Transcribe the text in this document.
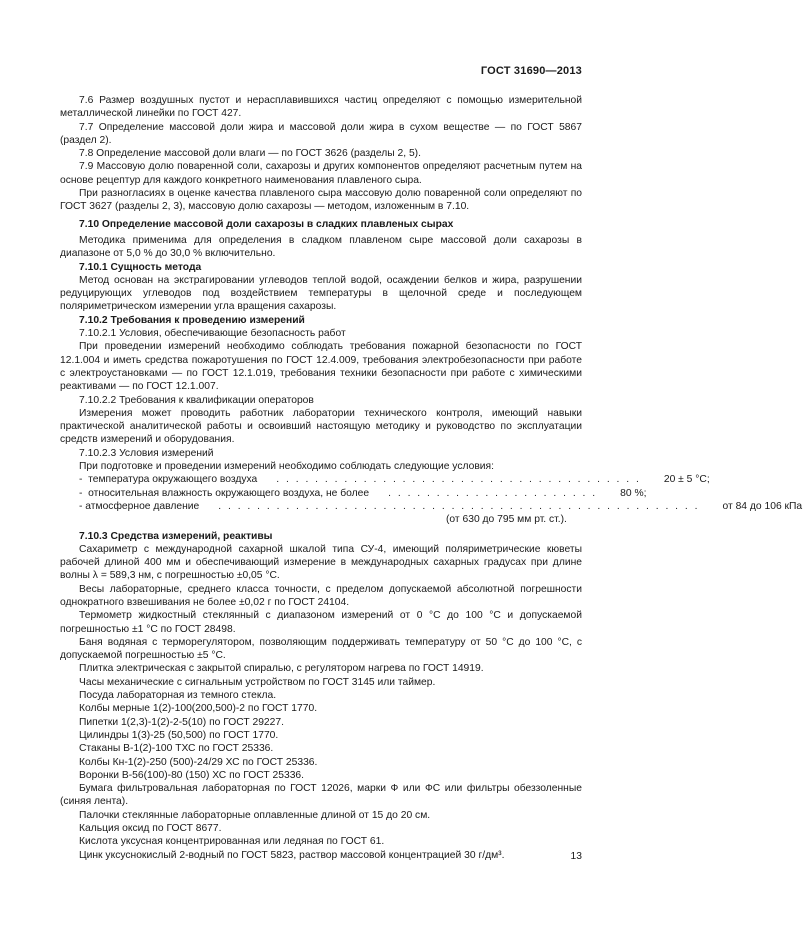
ГОСТ 31690—2013

7.6 Размер воздушных пустот и нерасплавившихся частиц определяют с помощью измерительной металлической линейки по ГОСТ 427.

7.7 Определение массовой доли жира и массовой доли жира в сухом веществе — по ГОСТ 5867 (раздел 2).

7.8 Определение массовой доли влаги — по ГОСТ 3626 (разделы 2, 5).

7.9 Массовую долю поваренной соли, сахарозы и других компонентов определяют расчетным путем на основе рецептур для каждого конкретного наименования плавленого сыра.

При разногласиях в оценке качества плавленого сыра массовую долю поваренной соли определяют по ГОСТ 3627 (разделы 2, 3), массовую долю сахарозы — методом, изложенным в 7.10.

7.10 Определение массовой доли сахарозы в сладких плавленых сырах

Методика применима для определения в сладком плавленом сыре массовой доли сахарозы в диапазоне от 5,0 % до 30,0 % включительно.

7.10.1 Сущность метода

Метод основан на экстрагировании углеводов теплой водой, осаждении белков и жира, разрушении редуцирующих углеводов под воздействием температуры в щелочной среде и последующем поляриметрическом измерении угла вращения сахарозы.

7.10.2 Требования к проведению измерений

7.10.2.1 Условия, обеспечивающие безопасность работ

При проведении измерений необходимо соблюдать требования пожарной безопасности по ГОСТ 12.1.004 и иметь средства пожаротушения по ГОСТ 12.4.009, требования электробезопасности при работе с электроустановками — по ГОСТ 12.1.019, требования техники безопасности при работе с химическими реактивами — по ГОСТ 12.1.007.

7.10.2.2 Требования к квалификации операторов

Измерения может проводить работник лаборатории технического контроля, имеющий навыки практической аналитической работы и освоивший настоящую методику и руководство по эксплуатации средств измерений и оборудования.

7.10.2.3 Условия измерений

При подготовке и проведении измерений необходимо соблюдать следующие условия:

-  температура окружающего воздуха	. . . . . . . . . . . . . . . . . . . . . . . . . . . . . . . . . . . . . .	20 ± 5 °С;
-  относительная влажность окружающего воздуха, не более	. . . . . . . . . . . . . . . . . . . . . .	80 %;
- атмосферное давление	. . . . . . . . . . . . . . . . . . . . . . . . . . . . . . . . . . . . . . . . . . . . . . . . . .	от 84 до 106 кПа
(от 630 до 795 мм рт. ст.).

7.10.3 Средства измерений, реактивы

Сахариметр с международной сахарной шкалой типа СУ-4, имеющий поляриметрические кюветы рабочей длиной 400 мм и обеспечивающий измерение в международных сахарных градусах при длине волны λ = 589,3 нм, с погрешностью ±0,05 °С.

Весы лабораторные, среднего класса точности, с пределом допускаемой абсолютной погрешности однократного взвешивания не более ±0,02 г по ГОСТ 24104.

Термометр жидкостный стеклянный с диапазоном измерений от 0 °С до 100 °С и допускаемой погрешностью ±1 °С по ГОСТ 28498.

Баня водяная с терморегулятором, позволяющим поддерживать температуру от 50 °С до 100 °С, с допускаемой погрешностью ±5 °С.

Плитка электрическая с закрытой спиралью, с регулятором нагрева по ГОСТ 14919.

Часы механические с сигнальным устройством по ГОСТ 3145 или таймер.

Посуда лабораторная из темного стекла.

Колбы мерные 1(2)-100(200,500)-2 по ГОСТ 1770.

Пипетки 1(2,3)-1(2)-2-5(10) по ГОСТ 29227.

Цилиндры 1(3)-25 (50,500) по ГОСТ 1770.

Стаканы В-1(2)-100 ТХС по ГОСТ 25336.

Колбы Кн-1(2)-250 (500)-24/29 ХС по ГОСТ 25336.

Воронки В-56(100)-80 (150) ХС по ГОСТ 25336.

Бумага фильтровальная лабораторная по ГОСТ 12026, марки Ф или ФС или фильтры обеззоленные (синяя лента).

Палочки стеклянные лабораторные оплавленные длиной от 15 до 20 см.

Кальция оксид по ГОСТ 8677.

Кислота уксусная концентрированная или ледяная по ГОСТ 61.

Цинк уксуснокислый 2-водный по ГОСТ 5823, раствор массовой концентрацией 30 г/дм³.	13
